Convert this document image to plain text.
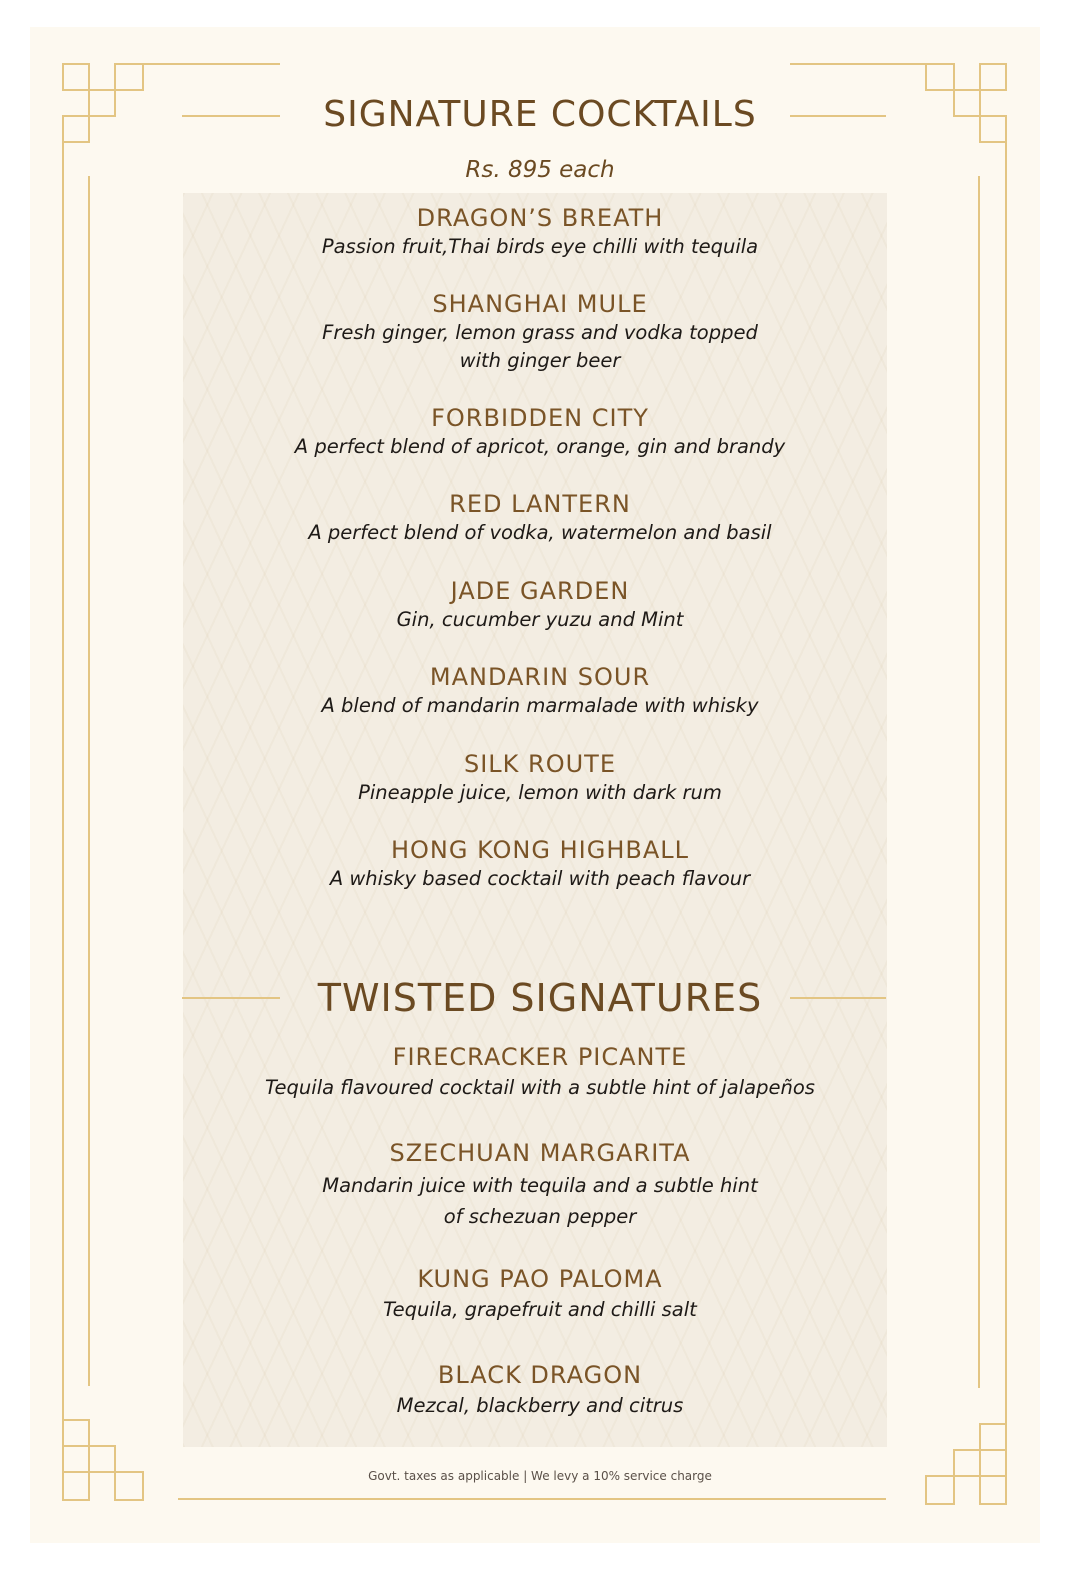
SIGNATURE COCKTAILS
Rs. 895 each
DRAGON’S BREATH
Passion fruit,Thai birds eye chilli with tequila
SHANGHAI MULE
Fresh ginger, lemon grass and vodka topped
with ginger beer
FORBIDDEN CITY
A perfect blend of apricot, orange, gin and brandy
RED LANTERN
A perfect blend of vodka, watermelon and basil
JADE GARDEN
Gin, cucumber yuzu and Mint
MANDARIN SOUR
A blend of mandarin marmalade with whisky
SILK ROUTE
Pineapple juice, lemon with dark rum
HONG KONG HIGHBALL
A whisky based cocktail with peach flavour
TWISTED SIGNATURES
FIRECRACKER PICANTE
Tequila flavoured cocktail with a subtle hint of jalapeños
SZECHUAN MARGARITA
Mandarin juice with tequila and a subtle hint
of schezuan pepper
KUNG PAO PALOMA
Tequila, grapefruit and chilli salt
BLACK DRAGON
Mezcal, blackberry and citrus
Govt. taxes as applicable | We levy a 10% service charge
